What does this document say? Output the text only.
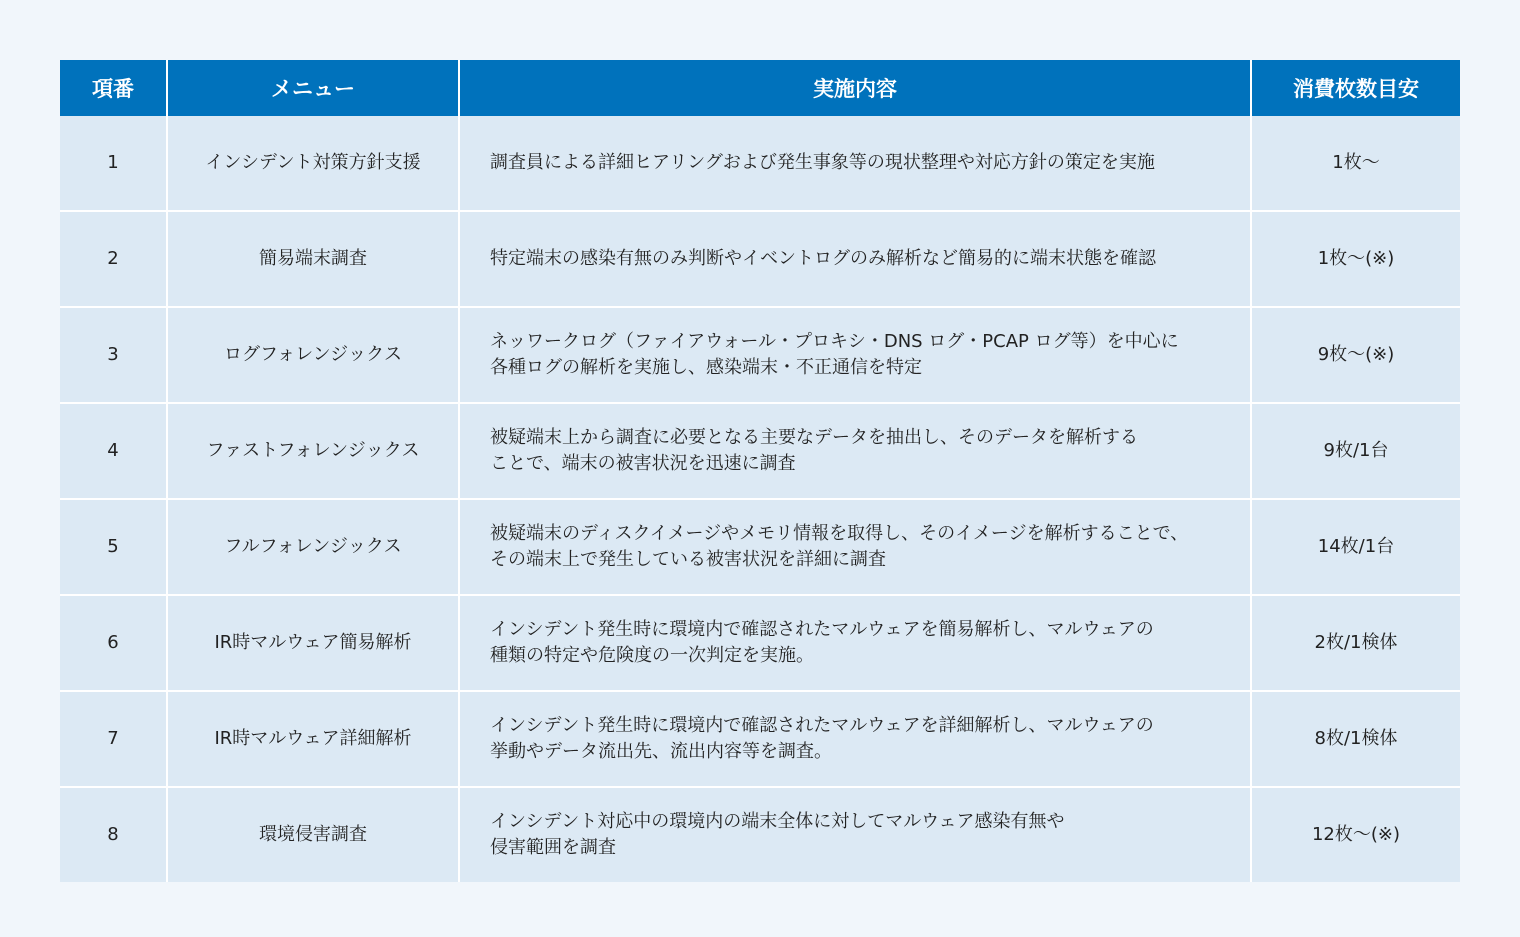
項番	メニュー	実施内容	消費枚数目安
1	インシデント対策方針支援	調査員による詳細ヒアリングおよび発生事象等の現状整理や対応方針の策定を実施	1枚〜
2	簡易端末調査	特定端末の感染有無のみ判断やイベントログのみ解析など簡易的に端末状態を確認	1枚〜(※)
3	ログフォレンジックス	ネッワークログ（ファイアウォール・プロキシ・DNS ログ・PCAP ログ等）を中心に
各種ログの解析を実施し、感染端末・不正通信を特定	9枚〜(※)
4	ファストフォレンジックス	被疑端末上から調査に必要となる主要なデータを抽出し、そのデータを解析する
ことで、端末の被害状況を迅速に調査	9枚/1台
5	フルフォレンジックス	被疑端末のディスクイメージやメモリ情報を取得し、そのイメージを解析することで、
その端末上で発生している被害状況を詳細に調査	14枚/1台
6	IR時マルウェア簡易解析	インシデント発生時に環境内で確認されたマルウェアを簡易解析し、マルウェアの
種類の特定や危険度の一次判定を実施。	2枚/1検体
7	IR時マルウェア詳細解析	インシデント発生時に環境内で確認されたマルウェアを詳細解析し、マルウェアの
挙動やデータ流出先、流出内容等を調査。	8枚/1検体
8	環境侵害調査	インシデント対応中の環境内の端末全体に対してマルウェア感染有無や
侵害範囲を調査	12枚〜(※)
